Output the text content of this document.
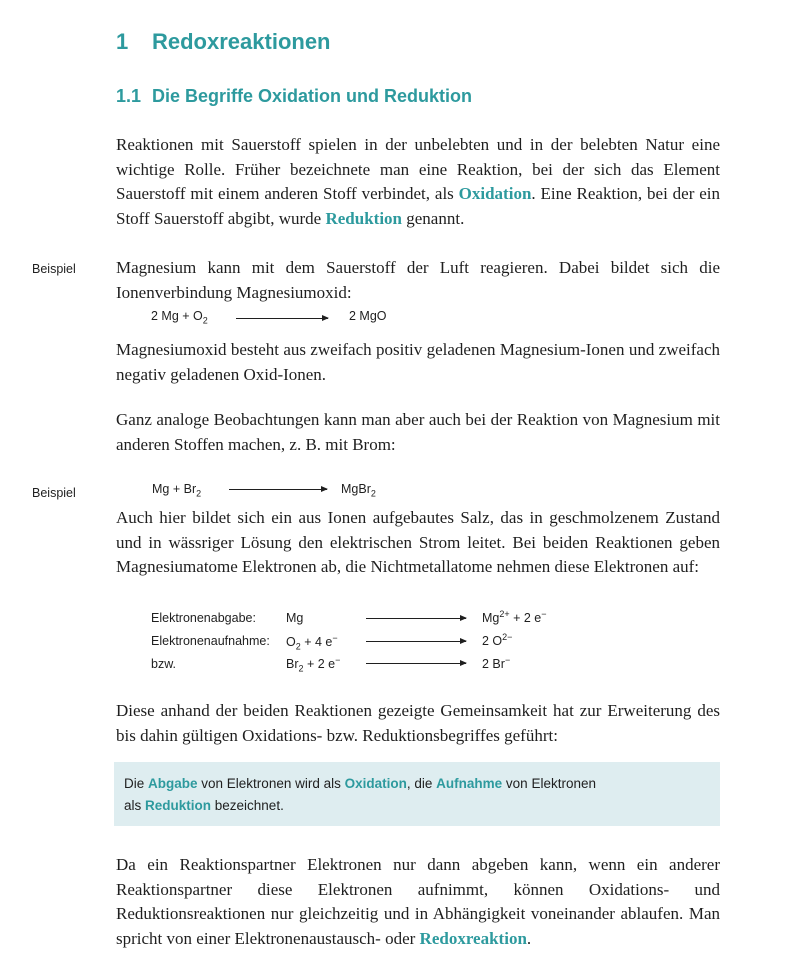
1 Redoxreaktionen
1.1 Die Begriffe Oxidation und Reduktion
Reaktionen mit Sauerstoff spielen in der unbelebten und in der belebten Natur eine wichtige Rolle. Früher bezeichnete man eine Reaktion, bei der sich das Element Sauerstoff mit einem anderen Stoff verbindet, als Oxidation. Eine Reaktion, bei der ein Stoff Sauerstoff abgibt, wurde Reduktion genannt.
Beispiel Magnesium kann mit dem Sauerstoff der Luft reagieren. Dabei bildet sich die Ionenverbindung Magnesiumoxid:
2 $Mg + O_2$	2 MgO
Magnesiumoxid besteht aus zweifach positiv geladenen Magnesium-Ionen und zweifach negativ geladenen Oxid-Ionen.
Ganz analoge Beobachtungen kann man aber auch bei der Reaktion von Magnesium mit anderen Stoffen machen, z. B. mit Brom:
Beispiel	$Mg + Br_2$	MgBr$_2$
Auch hier bildet sich ein aus Ionen aufgebautes Salz, das in geschmolzenem Zustand und in wässriger Lösung den elektrischen Strom leitet. Bei beiden Reaktionen geben Magnesiumatome Elektronen ab, die Nichtmetallatome nehmen diese Elektronen auf:
Elektronenabgabe: Mg	$Mg^{2+} + 2$ e−
Elektronenaufnahme: $O_2 + 4$ e−	2 $O^{2-}$
bzw.	$Br_2 + 2$ e−	2 Br−
Diese anhand der beiden Reaktionen gezeigte Gemeinsamkeit hat zur Erweiterung des bis dahin gültigen Oxidations- bzw. Reduktionsbegriffes geführt:
Die Abgabe von Elektronen wird als Oxidation, die Aufnahme von Elektronen
als Reduktion bezeichnet.
Da ein Reaktionspartner Elektronen nur dann abgeben kann, wenn ein anderer Reaktionspartner diese Elektronen aufnimmt, können Oxidations- und Reduktionsreaktionen nur gleichzeitig und in Abhängigkeit voneinander ablaufen. Man spricht von einer Elektronenaustausch- oder Redoxreaktion.
